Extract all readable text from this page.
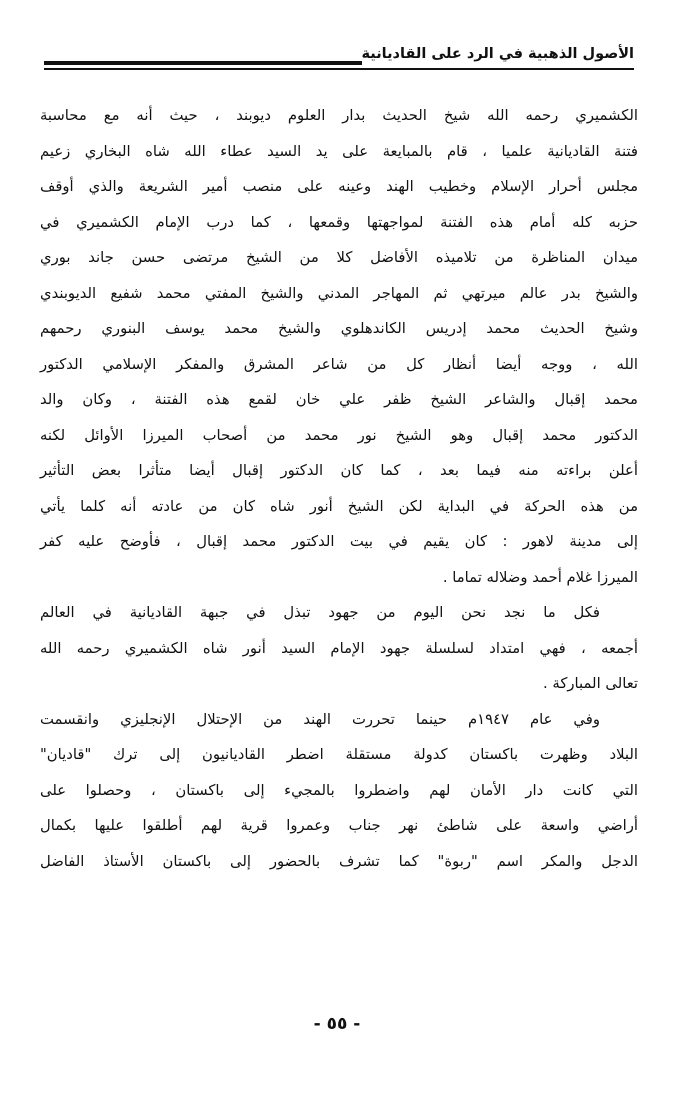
الأصول الذهبية في الرد على القاديانية
الكشميري رحمه الله شيخ الحديث بدار العلوم ديوبند ، حيث أنه مع محاسبة
فتنة القاديانية علميا ، قام بالمبايعة على يد السيد عطاء الله شاه البخاري زعيم
مجلس أحرار الإسلام وخطيب الهند وعينه على منصب أمير الشريعة والذي أوقف
حزبه كله أمام هذه الفتنة لمواجهتها وقمعها ، كما درب الإمام الكشميري في
ميدان المناظرة من تلاميذه الأفاضل كلا من الشيخ مرتضى حسن جاند بوري
والشيخ بدر عالم ميرتهي ثم المهاجر المدني والشيخ المفتي محمد شفيع الديوبندي
وشيخ الحديث محمد إدريس الكاندهلوي والشيخ محمد يوسف البنوري رحمهم
الله ، ووجه أيضا أنظار كل من شاعر المشرق والمفكر الإسلامي الدكتور
محمد إقبال والشاعر الشيخ ظفر علي خان لقمع هذه الفتنة ، وكان والد
الدكتور محمد إقبال وهو الشيخ نور محمد من أصحاب الميرزا الأوائل لكنه
أعلن براءته منه فيما بعد ، كما كان الدكتور إقبال أيضا متأثرا بعض التأثير
من هذه الحركة في البداية لكن الشيخ أنور شاه كان من عادته أنه كلما يأتي
إلى مدينة لاهور : كان يقيم في بيت الدكتور محمد إقبال ، فأوضح عليه كفر
الميرزا غلام أحمد وضلاله تماما .
فكل ما نجد نحن اليوم من جهود تبذل في جبهة القاديانية في العالم
أجمعه ، فهي امتداد لسلسلة جهود الإمام السيد أنور شاه الكشميري رحمه الله
تعالى المباركة .
وفي عام ١٩٤٧م حينما تحررت الهند من الإحتلال الإنجليزي وانقسمت
البلاد وظهرت باكستان كدولة مستقلة اضطر القاديانيون إلى ترك "قاديان"
التي كانت دار الأمان لهم واضطروا بالمجيء إلى باكستان ، وحصلوا على
أراضي واسعة على شاطئ نهر جناب وعمروا قرية لهم أطلقوا عليها بكمال
الدجل والمكر اسم "ربوة" كما تشرف بالحضور إلى باكستان الأستاذ الفاضل
- ٥٥ -
